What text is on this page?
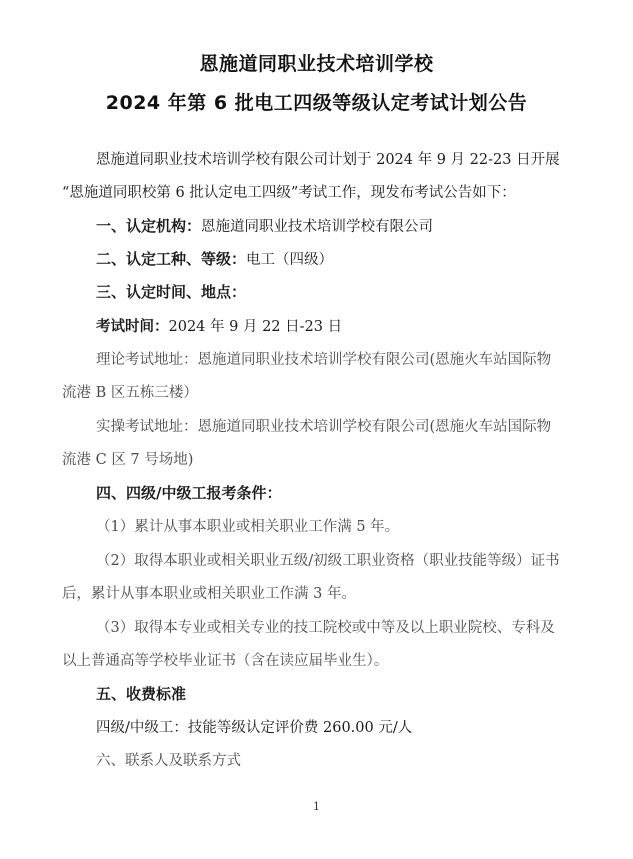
恩施道同职业技术培训学校
2024 年第 6 批电工四级等级认定考试计划公告
恩施道同职业技术培训学校有限公司计划于 2024 年 9 月 22-23 日开展
“恩施道同职校第 6 批认定电工四级”考试工作，现发布考试公告如下：
一、认定机构：恩施道同职业技术培训学校有限公司
二、认定工种、等级：电工（四级）
三、认定时间、地点：
考试时间：2024 年 9 月 22 日-23 日
理论考试地址：恩施道同职业技术培训学校有限公司(恩施火车站国际物
流港 B 区五栋三楼）
实操考试地址：恩施道同职业技术培训学校有限公司(恩施火车站国际物
流港 C 区 7 号场地)
四、四级/中级工报考条件：
（1）累计从事本职业或相关职业工作满 5 年。
（2）取得本职业或相关职业五级/初级工职业资格（职业技能等级）证书
后，累计从事本职业或相关职业工作满 3 年。
（3）取得本专业或相关专业的技工院校或中等及以上职业院校、专科及
以上普通高等学校毕业证书（含在读应届毕业生）。
五、收费标准
四级/中级工：技能等级认定评价费 260.00 元/人
六、联系人及联系方式
1
